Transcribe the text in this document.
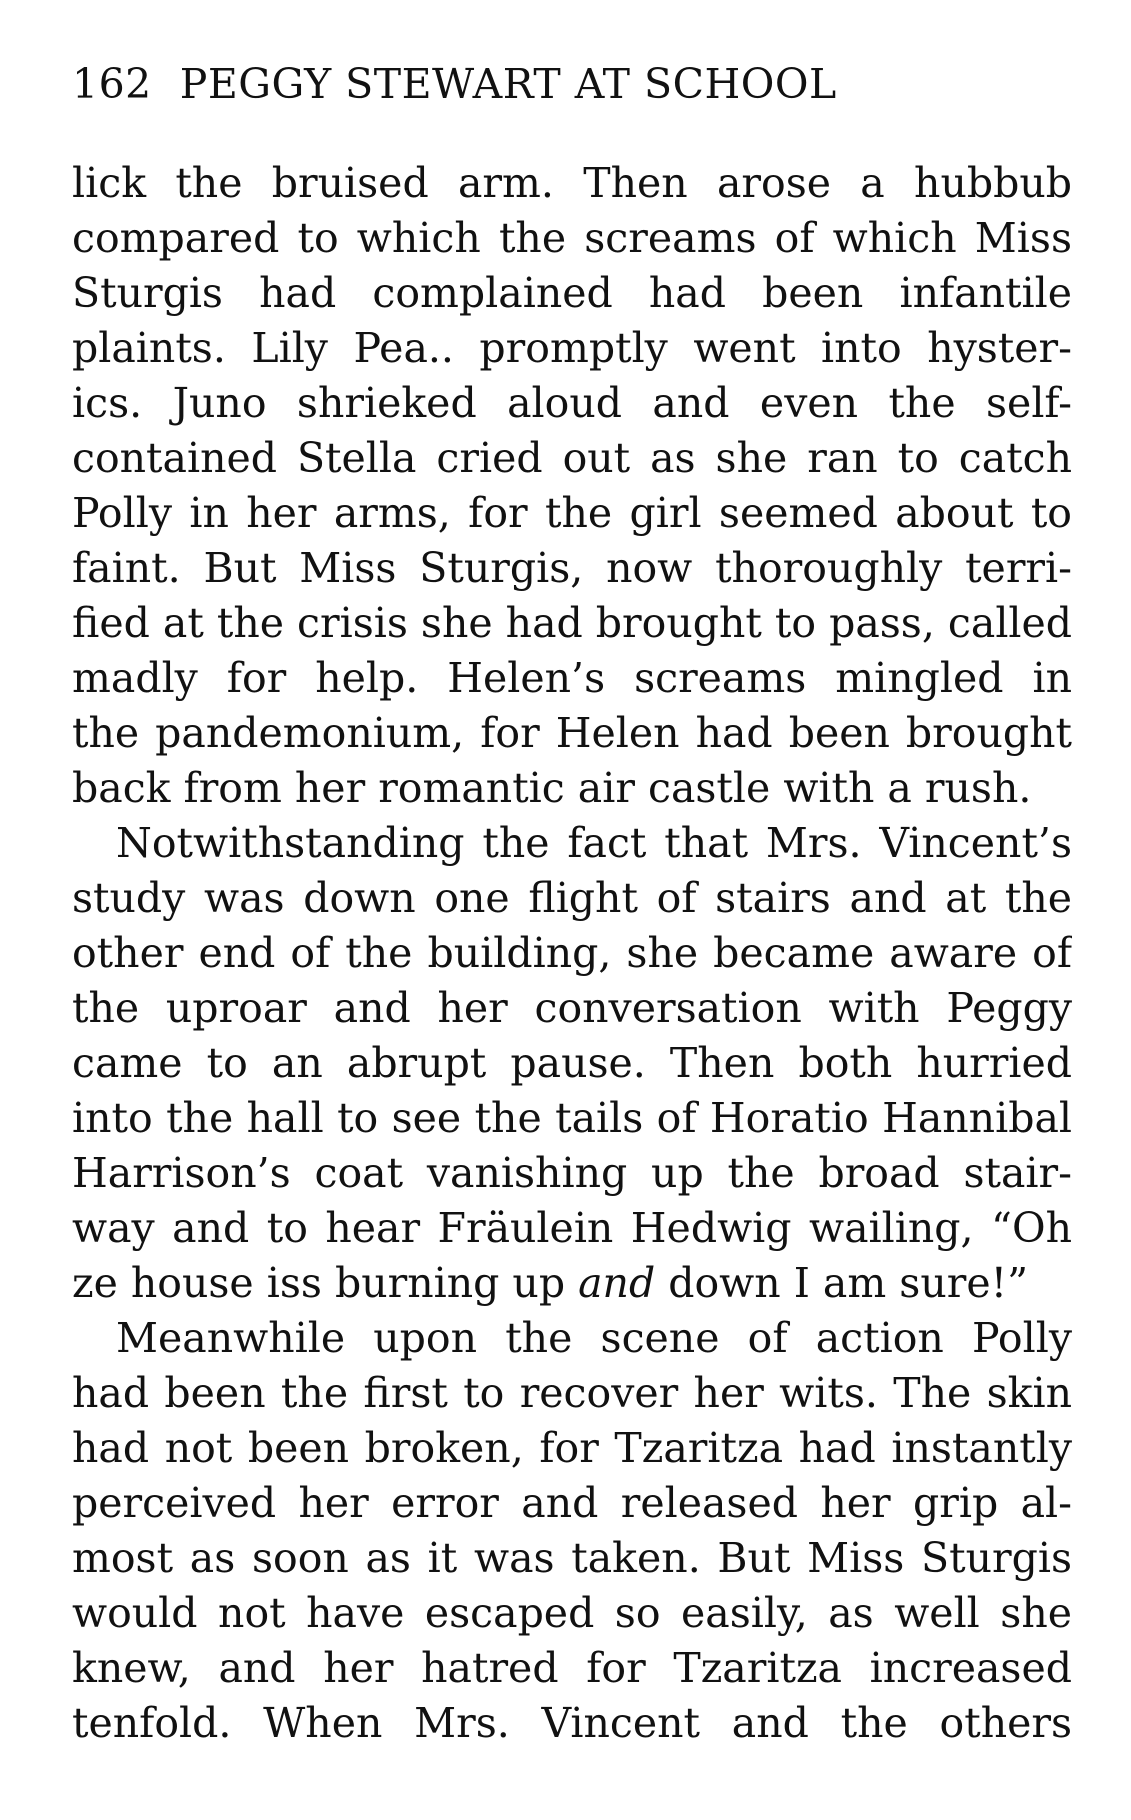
162 PEGGY STEWART AT SCHOOL
lick the bruised arm. Then arose a hubbub
compared to which the screams of which Miss
Sturgis had complained had been infantile
plaints. Lily Pea.. promptly went into hyster-
ics. Juno shrieked aloud and even the self-
contained Stella cried out as she ran to catch
Polly in her arms, for the girl seemed about to
faint. But Miss Sturgis, now thoroughly terri-
fied at the crisis she had brought to pass, called
madly for help. Helen’s screams mingled in
the pandemonium, for Helen had been brought
back from her romantic air castle with a rush.
Notwithstanding the fact that Mrs. Vincent’s
study was down one flight of stairs and at the
other end of the building, she became aware of
the uproar and her conversation with Peggy
came to an abrupt pause. Then both hurried
into the hall to see the tails of Horatio Hannibal
Harrison’s coat vanishing up the broad stair-
way and to hear Fräulein Hedwig wailing, “Oh
ze house iss burning up and down I am sure!”
Meanwhile upon the scene of action Polly
had been the first to recover her wits. The skin
had not been broken, for Tzaritza had instantly
perceived her error and released her grip al-
most as soon as it was taken. But Miss Sturgis
would not have escaped so easily, as well she
knew, and her hatred for Tzaritza increased
tenfold. When Mrs. Vincent and the others
